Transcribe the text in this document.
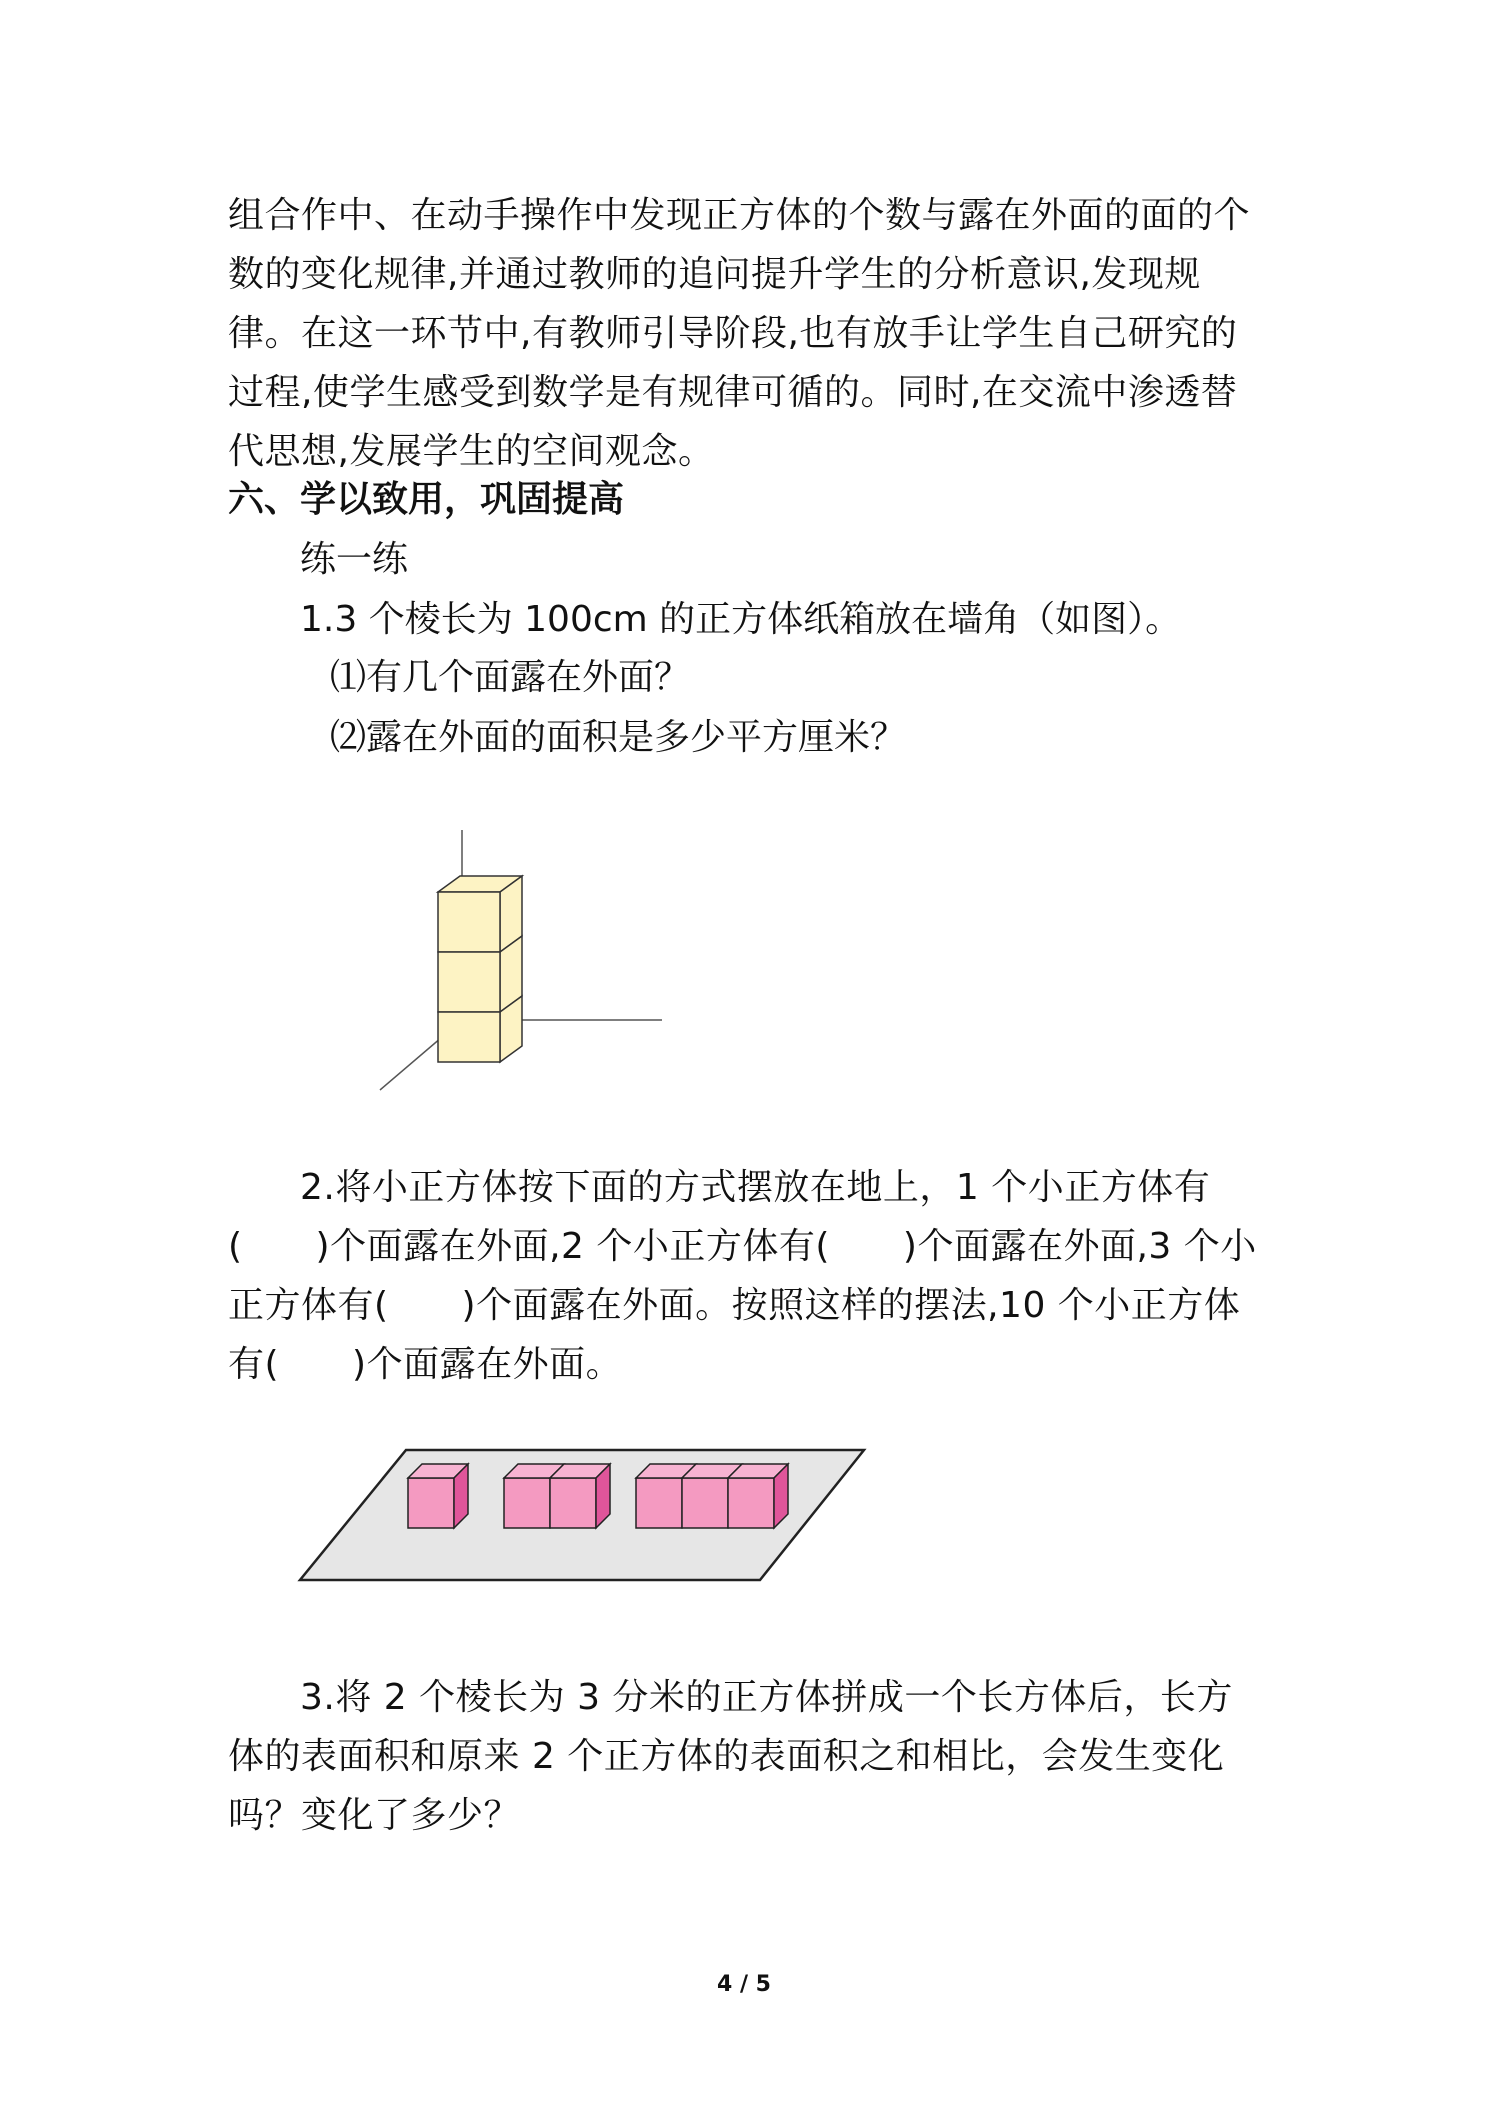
组合作中、在动手操作中发现正方体的个数与露在外面的面的个数的变化规律,并通过教师的追问提升学生的分析意识,发现规律。在这一环节中,有教师引导阶段,也有放手让学生自己研究的过程,使学生感受到数学是有规律可循的。同时,在交流中渗透替代思想,发展学生的空间观念。

六、学以致用，巩固提高
练一练
1.3 个棱长为 100cm 的正方体纸箱放在墙角（如图）。
⑴有几个面露在外面？
⑵露在外面的面积是多少平方厘米？

2.将小正方体按下面的方式摆放在地上，1 个小正方体有(　　)个面露在外面,2 个小正方体有(　　)个面露在外面,3 个小正方体有(　　)个面露在外面。按照这样的摆法,10 个小正方体有(　　)个面露在外面。

3.将 2 个棱长为 3 分米的正方体拼成一个长方体后，长方体的表面积和原来 2 个正方体的表面积之和相比，会发生变化吗？变化了多少？

4 / 5
